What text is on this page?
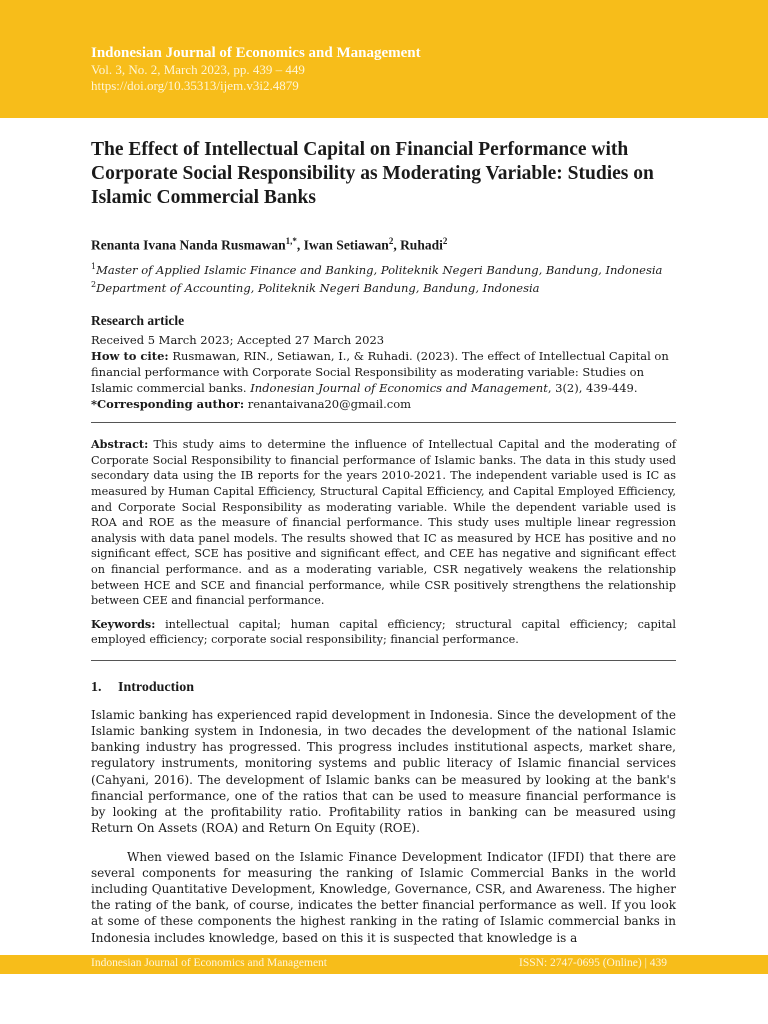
Indonesian Journal of Economics and Management
Vol. 3, No. 2, March 2023, pp. 439 – 449
https://doi.org/10.35313/ijem.v3i2.4879
The Effect of Intellectual Capital on Financial Performance with Corporate Social Responsibility as Moderating Variable: Studies on Islamic Commercial Banks
Renanta Ivana Nanda Rusmawan$^{1,*}$, Iwan Setiawan$^2$, Ruhadi$^2$
$^1$Master of Applied Islamic Finance and Banking, Politeknik Negeri Bandung, Bandung, Indonesia
$^2$Department of Accounting, Politeknik Negeri Bandung, Bandung, Indonesia
Research article
Received 5 March 2023; Accepted 27 March 2023
How to cite: Rusmawan, RIN., Setiawan, I., & Ruhadi. (2023). The effect of Intellectual Capital on financial performance with Corporate Social Responsibility as moderating variable: Studies on Islamic commercial banks. Indonesian Journal of Economics and Management, 3(2), 439-449.
*Corresponding author: renantaivana20@gmail.com
Abstract: This study aims to determine the influence of Intellectual Capital and the moderating of Corporate Social Responsibility to financial performance of Islamic banks. The data in this study used secondary data using the IB reports for the years 2010-2021. The independent variable used is IC as measured by Human Capital Efficiency, Structural Capital Efficiency, and Capital Employed Efficiency, and Corporate Social Responsibility as moderating variable. While the dependent variable used is ROA and ROE as the measure of financial performance. This study uses multiple linear regression analysis with data panel models. The results showed that IC as measured by HCE has positive and no significant effect, SCE has positive and significant effect, and CEE has negative and significant effect on financial performance. and as a moderating variable, CSR negatively weakens the relationship between HCE and SCE and financial performance, while CSR positively strengthens the relationship between CEE and financial performance.
Keywords: intellectual capital; human capital efficiency; structural capital efficiency; capital employed efficiency; corporate social responsibility; financial performance.
1. Introduction

Islamic banking has experienced rapid development in Indonesia. Since the development of the Islamic banking system in Indonesia, in two decades the development of the national Islamic banking industry has progressed. This progress includes institutional aspects, market share, regulatory instruments, monitoring systems and public literacy of Islamic financial services (Cahyani, 2016). The development of Islamic banks can be measured by looking at the bank's financial performance, one of the ratios that can be used to measure financial performance is by looking at the profitability ratio. Profitability ratios in banking can be measured using Return On Assets (ROA) and Return On Equity (ROE).

When viewed based on the Islamic Finance Development Indicator (IFDI) that there are several components for measuring the ranking of Islamic Commercial Banks in the world including Quantitative Development, Knowledge, Governance, CSR, and Awareness. The higher the rating of the bank, of course, indicates the better financial performance as well. If you look at some of these components the highest ranking in the rating of Islamic commercial banks in Indonesia includes knowledge, based on this it is suspected that knowledge is a

Indonesian Journal of Economics and Management	ISSN: 2747-0695 (Online) | 439
